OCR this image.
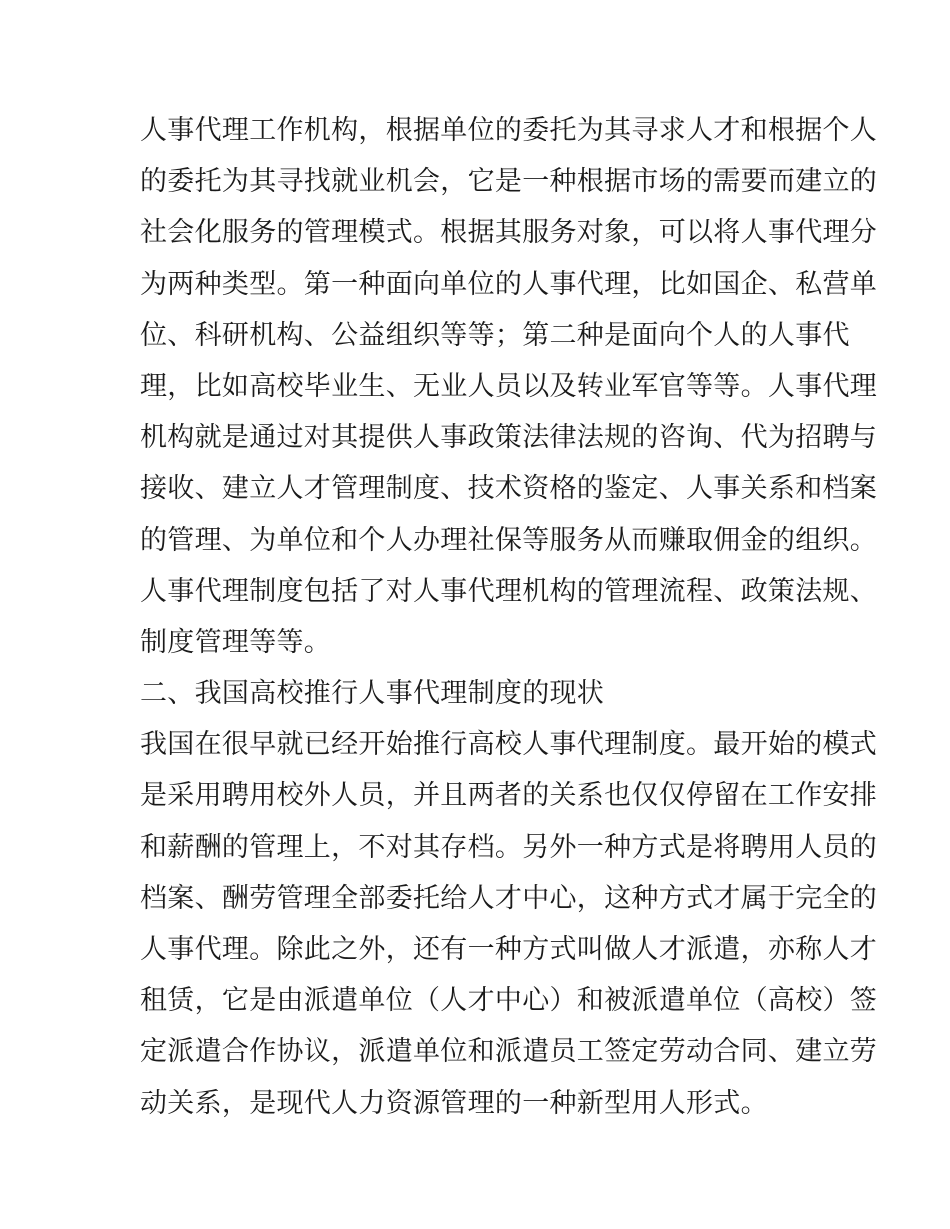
人事代理工作机构，根据单位的委托为其寻求人才和根据个人
的委托为其寻找就业机会，它是一种根据市场的需要而建立的
社会化服务的管理模式。根据其服务对象，可以将人事代理分
为两种类型。第一种面向单位的人事代理，比如国企、私营单
位、科研机构、公益组织等等；第二种是面向个人的人事代
理，比如高校毕业生、无业人员以及转业军官等等。人事代理
机构就是通过对其提供人事政策法律法规的咨询、代为招聘与
接收、建立人才管理制度、技术资格的鉴定、人事关系和档案
的管理、为单位和个人办理社保等服务从而赚取佣金的组织。
人事代理制度包括了对人事代理机构的管理流程、政策法规、
制度管理等等。
二、我国高校推行人事代理制度的现状
我国在很早就已经开始推行高校人事代理制度。最开始的模式
是采用聘用校外人员，并且两者的关系也仅仅停留在工作安排
和薪酬的管理上，不对其存档。另外一种方式是将聘用人员的
档案、酬劳管理全部委托给人才中心，这种方式才属于完全的
人事代理。除此之外，还有一种方式叫做人才派遣，亦称人才
租赁，它是由派遣单位（人才中心）和被派遣单位（高校）签
定派遣合作协议，派遣单位和派遣员工签定劳动合同、建立劳
动关系，是现代人力资源管理的一种新型用人形式。
